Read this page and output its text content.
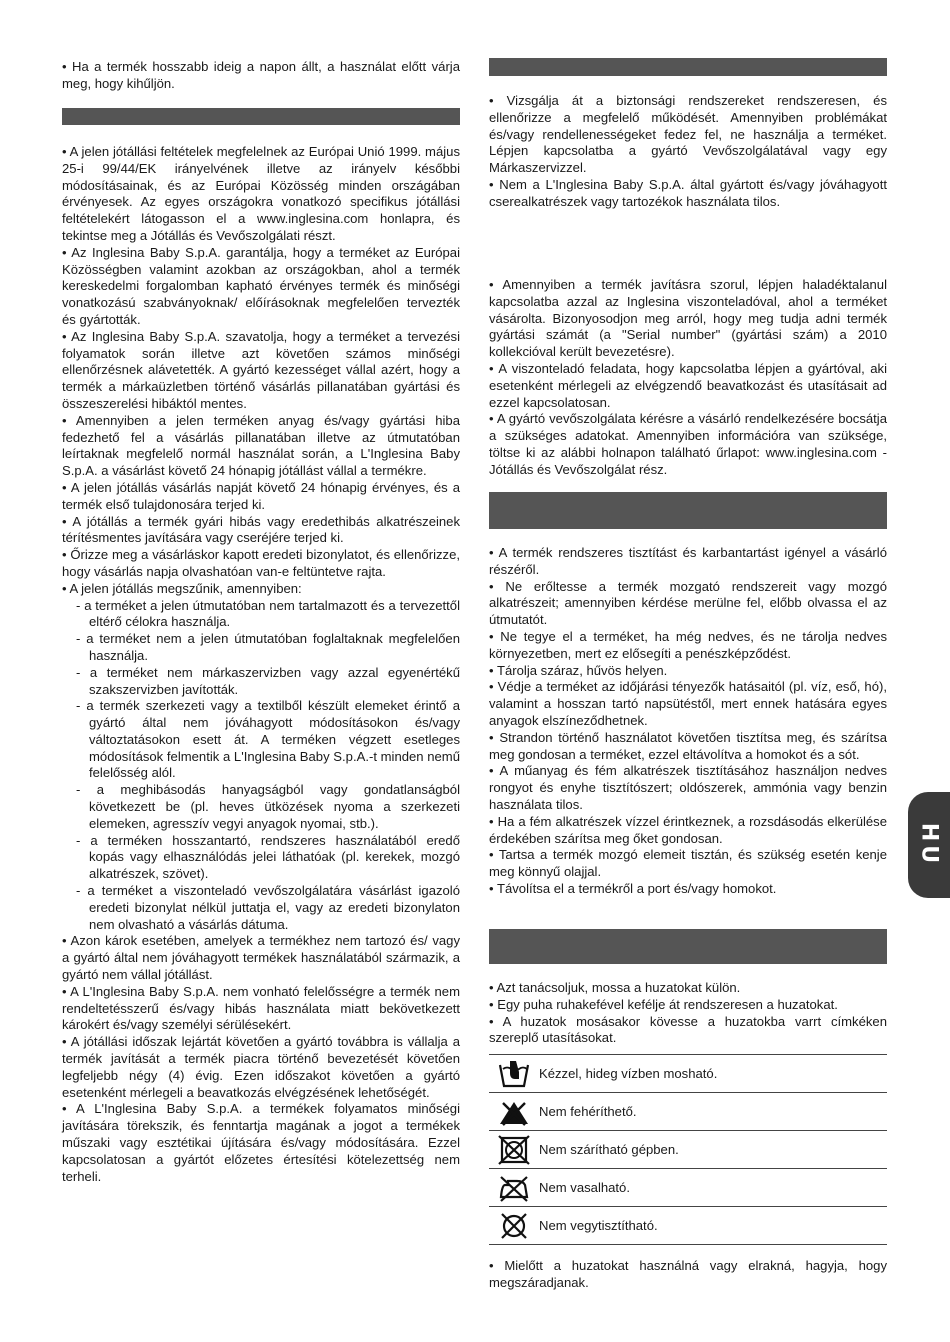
• Ha a termék hosszabb ideig a napon állt, a használat előtt várja meg, hogy kihűljön.

• A jelen jótállási feltételek megfelelnek az Európai Unió 1999. május 25-i 99/44/EK irányelvének illetve az irányelv későbbi módosításainak, és az Európai Közösség minden országában érvényesek. Az egyes országokra vonatkozó specifikus jótállási feltételekért látogasson el a www.inglesina.com honlapra, és tekintse meg a Jótállás és Vevőszolgálati részt.

• Az Inglesina Baby S.p.A. garantálja, hogy a terméket az Európai Közösségben valamint azokban az országokban, ahol a termék kereskedelmi forgalomban kapható érvényes termék és minőségi vonatkozású szabványoknak/ előírásoknak megfelelően tervezték és gyártották.

• Az Inglesina Baby S.p.A. szavatolja, hogy a terméket a tervezési folyamatok során illetve azt követően számos minőségi ellenőrzésnek alávetették. A gyártó kezességet vállal azért, hogy a termék a márkaüzletben történő vásárlás pillanatában gyártási és összeszerelési hibáktól mentes.

• Amennyiben a jelen terméken anyag és/vagy gyártási hiba fedezhető fel a vásárlás pillanatában illetve az útmutatóban leírtaknak megfelelő normál használat során, a L'Inglesina Baby S.p.A. a vásárlást követő 24 hónapig jótállást vállal a termékre.

• A jelen jótállás vásárlás napját követő 24 hónapig érvényes, és a termék első tulajdonosára terjed ki.

• A jótállás a termék gyári hibás vagy eredethibás alkatrészeinek térítésmentes javítására vagy cseréjére terjed ki.

• Őrizze meg a vásárláskor kapott eredeti bizonylatot, és ellenőrizze, hogy vásárlás napja olvashatóan van-e feltüntetve rajta.

• A jelen jótállás megszűnik, amennyiben:

- a terméket a jelen útmutatóban nem tartalmazott és a tervezettől eltérő célokra használja.

- a terméket nem a jelen útmutatóban foglaltaknak megfelelően használja.

- a terméket nem márkaszervizben vagy azzal egyenértékű szakszervizben javították.

- a termék szerkezeti vagy a textilből készült elemeket érintő a gyártó által nem jóváhagyott módosításokon és/vagy változtatásokon esett át. A terméken végzett esetleges módosítások felmentik a L'Inglesina Baby S.p.A.-t minden nemű felelősség alól.

- a meghibásodás hanyagságból vagy gondatlanságból következett be (pl. heves ütközések nyoma a szerkezeti elemeken, agresszív vegyi anyagok nyomai, stb.).

- a terméken hosszantartó, rendszeres használatából eredő kopás vagy elhasználódás jelei láthatóak (pl. kerekek, mozgó alkatrészek, szövet).

- a terméket a viszonteladó vevőszolgálatára vásárlást igazoló eredeti bizonylat nélkül juttatja el, vagy az eredeti bizonylaton nem olvasható a vásárlás dátuma.

• Azon károk esetében, amelyek a termékhez nem tartozó és/ vagy a gyártó által nem jóváhagyott termékek használatából származik, a gyártó nem vállal jótállást.

• A L'Inglesina Baby S.p.A. nem vonható felelősségre a termék nem rendeltetésszerű és/vagy hibás használata miatt bekövetkezett károkért és/vagy személyi sérülésekért.

• A jótállási időszak lejártát követően a gyártó továbbra is vállalja a termék javítását a termék piacra történő bevezetését követően legfeljebb négy (4) évig. Ezen időszakot követően a gyártó esetenként mérlegeli a beavatkozás elvégzésének lehetőségét.

• A L'Inglesina Baby S.p.A. a termékek folyamatos minőségi javítására törekszik, és fenntartja magának a jogot a termékek műszaki vagy esztétikai újítására és/vagy módosítására. Ezzel kapcsolatosan a gyártót előzetes értesítési kötelezettség nem terheli.

• Vizsgálja át a biztonsági rendszereket rendszeresen, és ellenőrizze a megfelelő működését. Amennyiben problémákat és/vagy rendellenességeket fedez fel, ne használja a terméket. Lépjen kapcsolatba a gyártó Vevőszolgálatával vagy egy Márkaszervizzel.

• Nem a L'Inglesina Baby S.p.A. által gyártott és/vagy jóváhagyott cserealkatrészek vagy tartozékok használata tilos.

• Amennyiben a termék javításra szorul, lépjen haladéktalanul kapcsolatba azzal az Inglesina viszonteladóval, ahol a terméket vásárolta. Bizonyosodjon meg arról, hogy meg tudja adni termék gyártási számát (a "Serial number" (gyártási szám) a 2010 kollekcióval került bevezetésre).

• A viszonteladó feladata, hogy kapcsolatba lépjen a gyártóval, aki esetenként mérlegeli az elvégzendő beavatkozást és utasításait ad ezzel kapcsolatosan.

• A gyártó vevőszolgálata kérésre a vásárló rendelkezésére bocsátja a szükséges adatokat. Amennyiben információra van szüksége, töltse ki az alábbi holnapon található űrlapot: www.inglesina.com - Jótállás és Vevőszolgálat rész.

• A termék rendszeres tisztítást és karbantartást igényel a vásárló részéről.

• Ne erőltesse a termék mozgató rendszereit vagy mozgó alkatrészeit; amennyiben kérdése merülne fel, előbb olvassa el az útmutatót.

• Ne tegye el a terméket, ha még nedves, és ne tárolja nedves környezetben, mert ez elősegíti a penészképződést.

• Tárolja száraz, hűvös helyen.

• Védje a terméket az időjárási tényezők hatásaitól (pl. víz, eső, hó), valamint a hosszan tartó napsütéstől, mert ennek hatására egyes anyagok elszíneződhetnek.

• Strandon történő használatot követően tisztítsa meg, és szárítsa meg gondosan a terméket, ezzel eltávolítva a homokot és a sót.

• A műanyag és fém alkatrészek tisztításához használjon nedves rongyot és enyhe tisztítószert; oldószerek, ammónia vagy benzin használata tilos.

• Ha a fém alkatrészek vízzel érintkeznek, a rozsdásodás elkerülése érdekében szárítsa meg őket gondosan.

• Tartsa a termék mozgó elemeit tisztán, és szükség esetén kenje meg könnyű olajjal.

• Távolítsa el a termékről a port és/vagy homokot.

• Azt tanácsoljuk, mossa a huzatokat külön.

• Egy puha ruhakefével kefélje át rendszeresen a huzatokat.

• A huzatok mosásakor kövesse a huzatokba varrt címkéken szereplő utasításokat.

	Kézzel, hideg vízben mosható.

	Nem fehéríthető.

	Nem szárítható gépben.

	Nem vasalható.

	Nem vegytisztítható.

• Mielőtt a huzatokat használná vagy elrakná, hagyja, hogy megszáradjanak.

HU
